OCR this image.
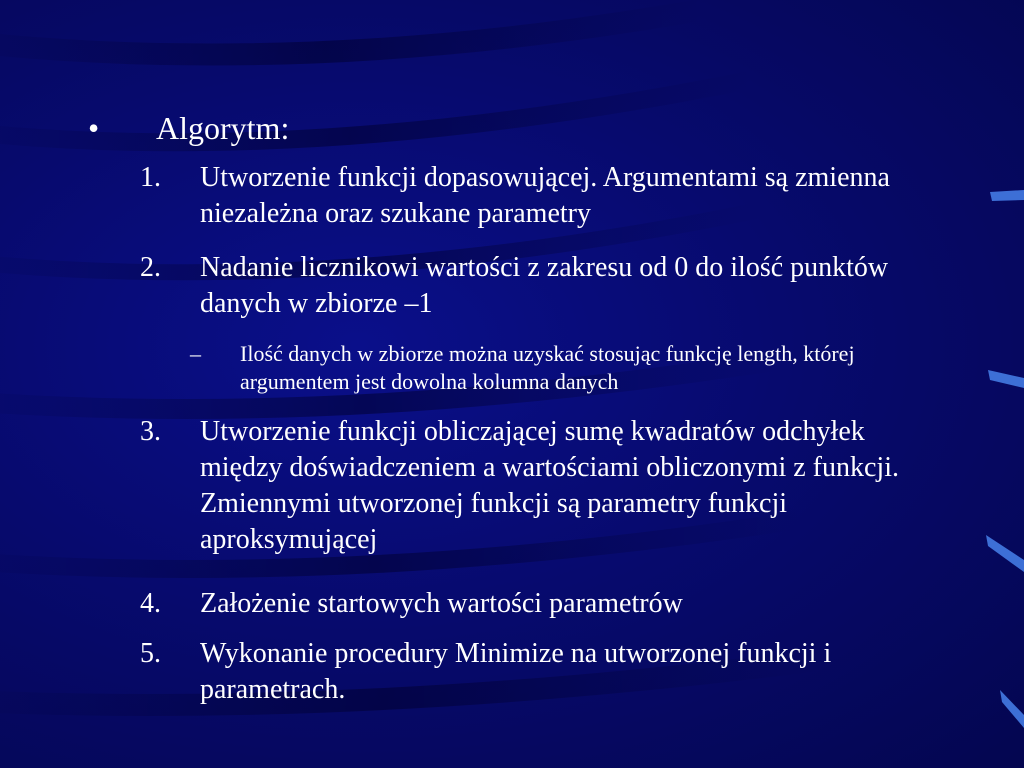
•	Algorytm:
1.	Utworzenie funkcji dopasowującej. Argumentami są zmienna niezależna oraz szukane parametry
2.	Nadanie licznikowi wartości z zakresu od 0 do ilość punktów danych w zbiorze –1
–	Ilość danych w zbiorze można uzyskać stosując funkcję length, której argumentem jest dowolna kolumna danych
3.	Utworzenie funkcji obliczającej sumę kwadratów odchyłek między doświadczeniem a wartościami obliczonymi z funkcji. Zmiennymi utworzonej funkcji są parametry funkcji aproksymującej
4.	Założenie startowych wartości parametrów
5.	Wykonanie procedury Minimize na utworzonej funkcji i parametrach.
